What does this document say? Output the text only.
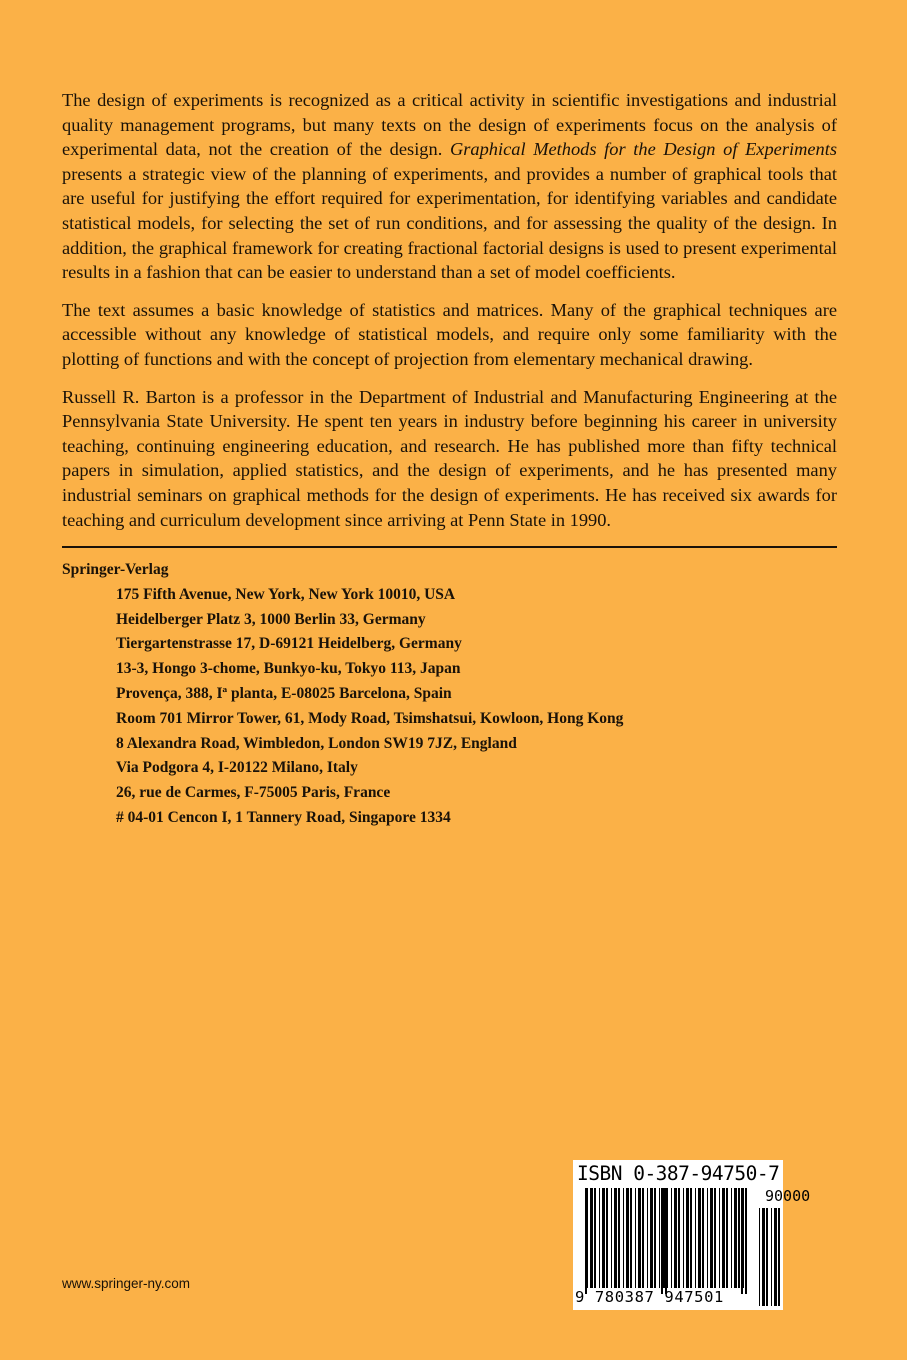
The design of experiments is recognized as a critical activity in scientific investigations and industrial quality management programs, but many texts on the design of experiments focus on the analysis of experimental data, not the creation of the design. Graphical Methods for the Design of Experiments presents a strategic view of the planning of experiments, and provides a number of graphical tools that are useful for justifying the effort required for experimentation, for identifying variables and candidate statistical models, for selecting the set of run conditions, and for assessing the quality of the design. In addition, the graphical framework for creating fractional factorial designs is used to present experimental results in a fashion that can be easier to understand than a set of model coefficients.

The text assumes a basic knowledge of statistics and matrices. Many of the graphical techniques are accessible without any knowledge of statistical models, and require only some familiarity with the plotting of functions and with the concept of projection from elementary mechanical drawing.

Russell R. Barton is a professor in the Department of Industrial and Manufacturing Engineering at the Pennsylvania State University. He spent ten years in industry before beginning his career in university teaching, continuing engineering education, and research. He has published more than fifty technical papers in simulation, applied statistics, and the design of experiments, and he has presented many industrial seminars on graphical methods for the design of experiments. He has received six awards for teaching and curriculum development since arriving at Penn State in 1990.

Springer-Verlag

175 Fifth Avenue, New York, New York 10010, USA
Heidelberger Platz 3, 1000 Berlin 33, Germany
Tiergartenstrasse 17, D-69121 Heidelberg, Germany
13-3, Hongo 3-chome, Bunkyo-ku, Tokyo 113, Japan
Provença, 388, Iª planta, E-08025 Barcelona, Spain
Room 701 Mirror Tower, 61, Mody Road, Tsimshatsui, Kowloon, Hong Kong
8 Alexandra Road, Wimbledon, London SW19 7JZ, England
Via Podgora 4, I-20122 Milano, Italy
26, rue de Carmes, F-75005 Paris, France
# 04-01 Cencon I, 1 Tannery Road, Singapore 1334
www.springer-ny.com
ISBN 0-387-94750-7
90000
9 780387 947501
